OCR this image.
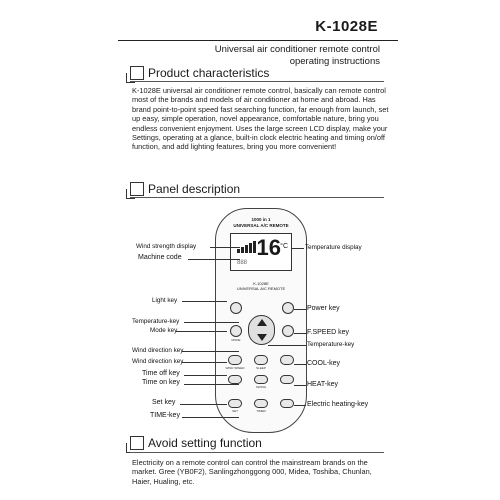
K-1028E
Universal air conditioner remote control
operating instructions
Product characteristics
K-1028E universal air conditioner remote control, basically can remote control most of the brands and models of air conditioner at home and abroad. Has brand point-to-point speed fast searching function, far enough from launch, set up easy, simple operation, novel appearance, comfortable nature, bring you endless convenient enjoyment. Uses the large screen LCD display, make your Settings, operating at a glance, built-in clock electric heating and timing on/off function, and add lighting features, bring you more convenient!
Panel description
1000 in 1
UNIVERSAL A/C REMOTE
16 °C
888
K-1028E
UNIVERSAL A/C REMOTE
MODE
WIND SPEED	SLEEP
SWING
SET	TIMER
Wind strength display
Machine code
Light key
Temperature-key
Mode key
Wind direction key
Wind direction key
Time off key
Time on key
Set key
TIME-key
Temperature display
Power key
F.SPEED key
Temperature-key
COOL-key
HEAT-key
Electric heating-key
Avoid setting function
Electricity on a remote control can control the mainstream brands on the market. Gree (YB0F2), Sanlingzhonggong 000, Midea, Toshiba, Chunlan, Haier, Hualing, etc.
